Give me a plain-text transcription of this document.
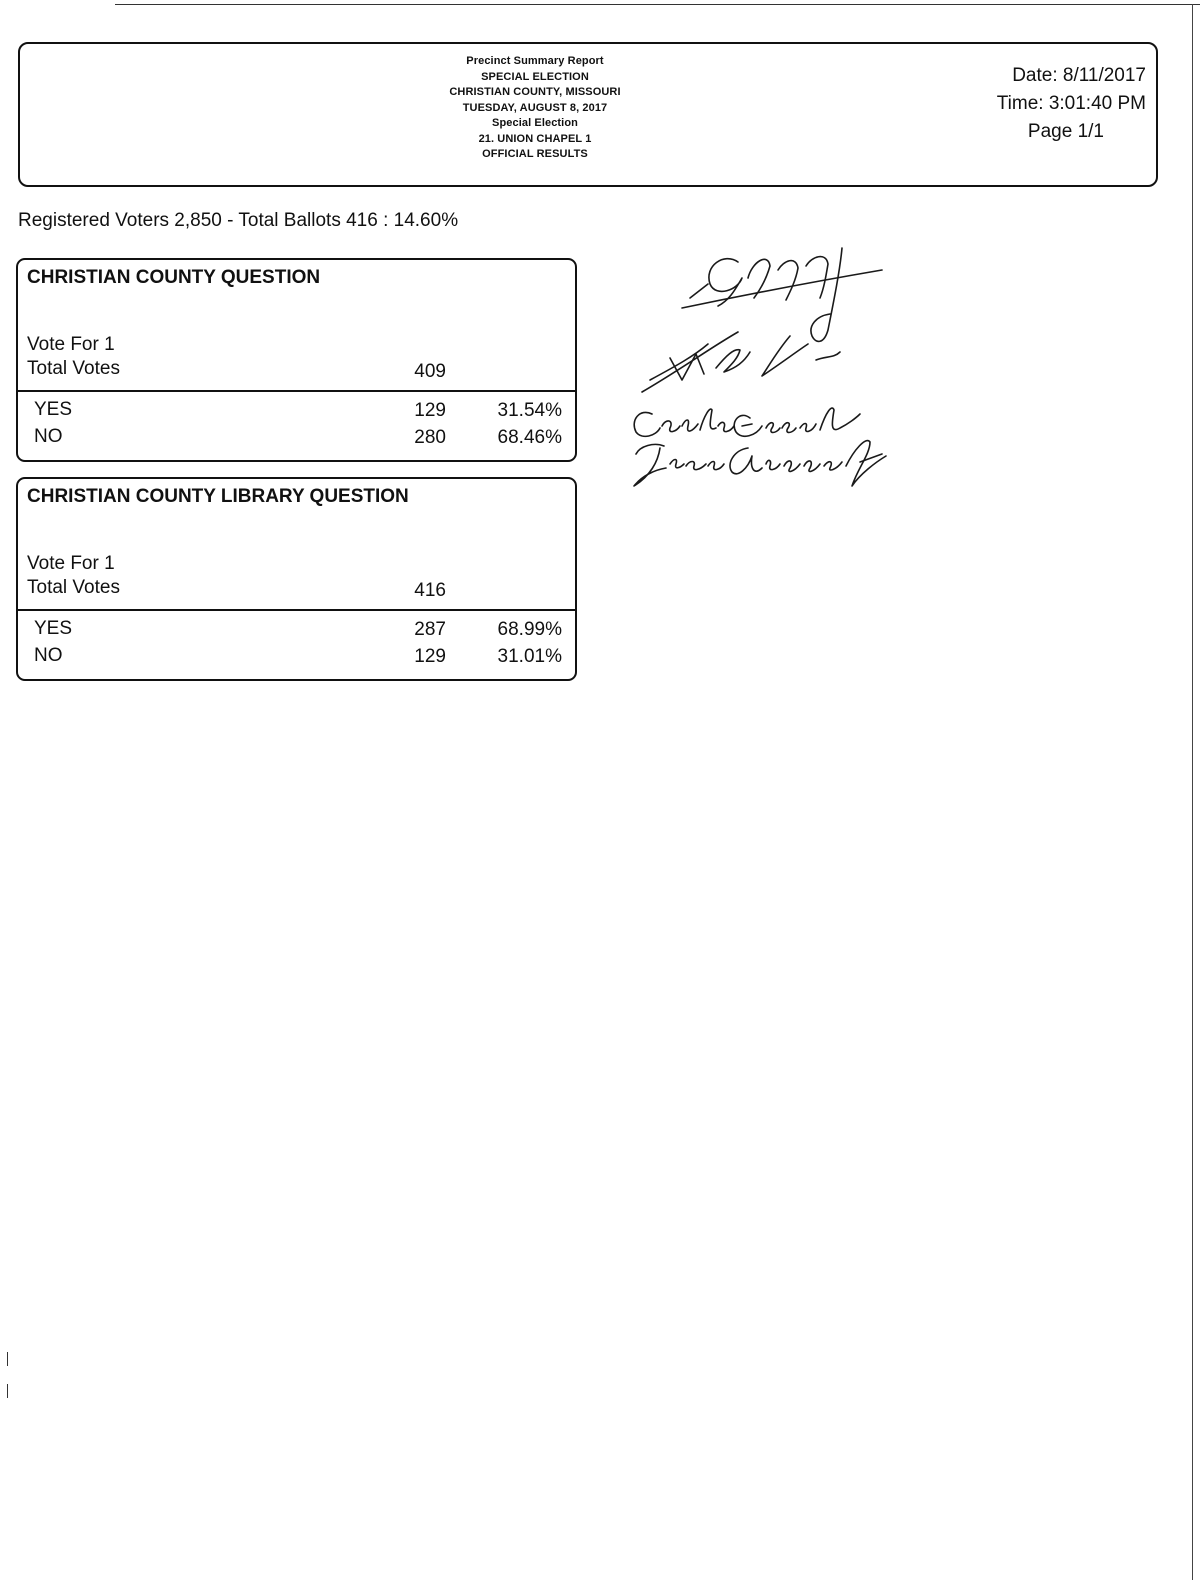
Precinct Summary Report
SPECIAL ELECTION
CHRISTIAN COUNTY, MISSOURI
TUESDAY, AUGUST 8, 2017
Special Election
21. UNION CHAPEL 1
OFFICIAL RESULTS
Date: 8/11/2017
Time: 3:01:40 PM
Page 1/1
Registered Voters 2,850 - Total Ballots 416 : 14.60%
CHRISTIAN COUNTY QUESTION
Vote For 1
Total Votes	409
YES	129	31.54%
NO	280	68.46%
CHRISTIAN COUNTY LIBRARY QUESTION
Vote For 1
Total Votes	416
YES	287	68.99%
NO	129	31.01%
